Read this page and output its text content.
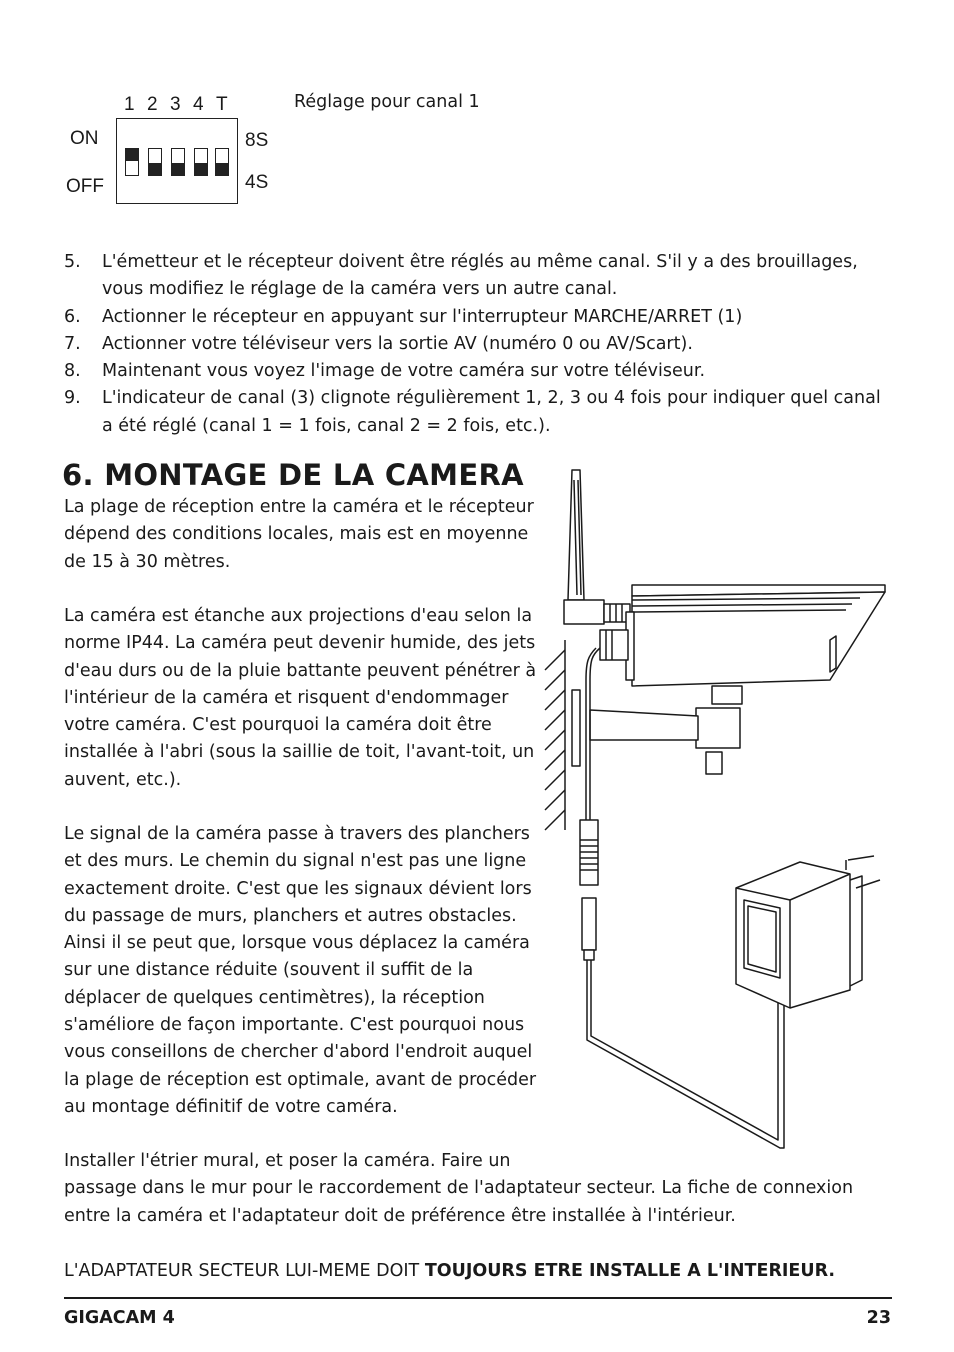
1 2 3 4 T
ON
OFF
8S
4S
Réglage pour canal 1
5. L'émetteur et le récepteur doivent être réglés au même canal. S'il y a des brouillages, vous modifiez le réglage de la caméra vers un autre canal.
6. Actionner le récepteur en appuyant sur l'interrupteur MARCHE/ARRET (1)
7. Actionner votre téléviseur vers la sortie AV (numéro 0 ou AV/Scart).
8. Maintenant vous voyez l'image de votre caméra sur votre téléviseur.
9. L'indicateur de canal (3) clignote régulièrement 1, 2, 3 ou 4 fois pour indiquer quel canal a été réglé (canal 1 = 1 fois, canal 2 = 2 fois, etc.).
6. MONTAGE DE LA CAMERA

La plage de réception entre la caméra et le récepteur dépend des conditions locales, mais est en moyenne de 15 à 30 mètres.

La caméra est étanche aux projections d'eau selon la norme IP44. La caméra peut devenir humide, des jets d'eau durs ou de la pluie battante peuvent pénétrer à l'intérieur de la caméra et risquent d'endommager votre caméra. C'est pourquoi la caméra doit être installée à l'abri (sous la saillie de toit, l'avant-toit, un auvent, etc.).

Le signal de la caméra passe à travers des planchers et des murs. Le chemin du signal n'est pas une ligne exactement droite. C'est que les signaux dévient lors du passage de murs, planchers et autres obstacles. Ainsi il se peut que, lorsque vous déplacez la caméra sur une distance réduite (souvent il suffit de la déplacer de quelques centimètres), la réception s'améliore de façon importante. C'est pourquoi nous vous conseillons de chercher d'abord l'endroit auquel la plage de réception est optimale, avant de procéder au montage définitif de votre caméra.

Installer l'étrier mural, et poser la caméra. Faire un
passage dans le mur pour le raccordement de l'adaptateur secteur. La fiche de connexion entre la caméra et l'adaptateur doit de préférence être installée à l'intérieur.

L'ADAPTATEUR SECTEUR LUI-MEME DOIT TOUJOURS ETRE INSTALLE A L'INTERIEUR.

GIGACAM 4	23
